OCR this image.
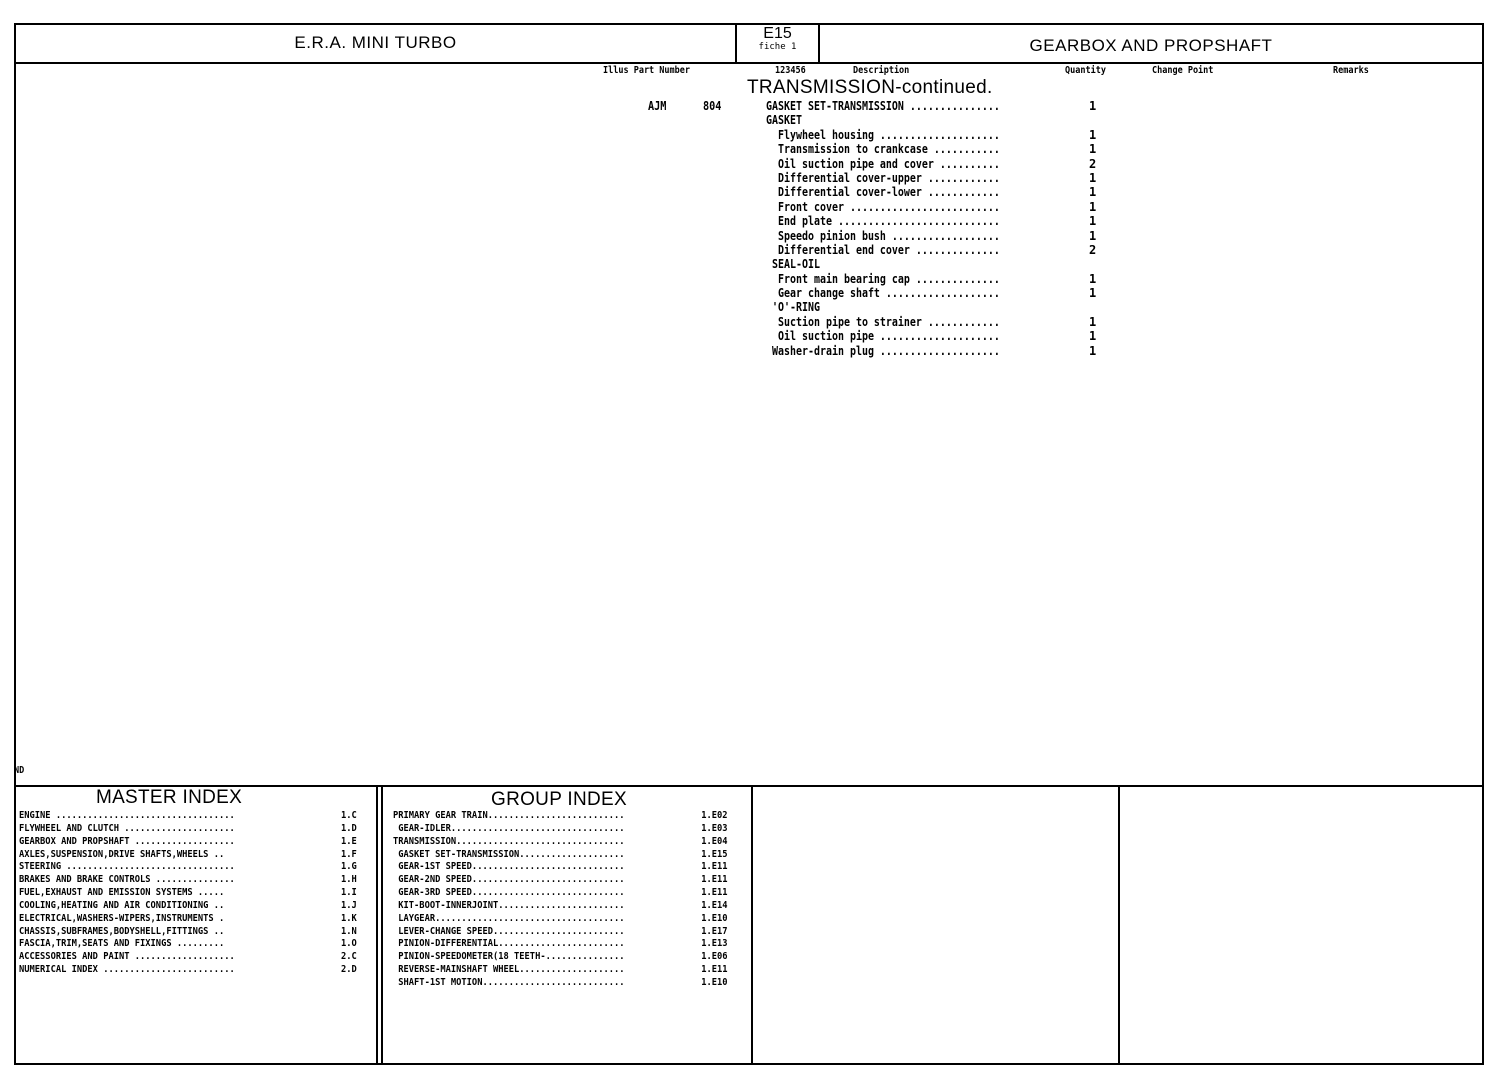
E.R.A. MINI TURBO	E15
fiche 1	GEARBOX AND PROPSHAFT
Illus Part Number	123456	Description	Quantity	Change Point	Remarks
TRANSMISSION-continued.
AJM	804	GASKET SET-TRANSMISSION ...............	1
GASKET
Flywheel housing ....................	1
Transmission to crankcase ...........	1
Oil suction pipe and cover ..........	2
Differential cover-upper ............	1
Differential cover-lower ............	1
Front cover .........................	1
End plate ...........................	1
Speedo pinion bush ..................	1
Differential end cover ..............	2
SEAL-OIL
Front main bearing cap ..............	1
Gear change shaft ...................	1
'O'-RING
Suction pipe to strainer ............	1
Oil suction pipe ....................	1
Washer-drain plug ....................	1
ND
MASTER INDEX
ENGINE ..................................	1.C
FLYWHEEL AND CLUTCH .....................	1.D
GEARBOX AND PROPSHAFT ...................	1.E
AXLES,SUSPENSION,DRIVE SHAFTS,WHEELS ..	1.F
STEERING ................................	1.G
BRAKES AND BRAKE CONTROLS ...............	1.H
FUEL,EXHAUST AND EMISSION SYSTEMS .....	1.I
COOLING,HEATING AND AIR CONDITIONING ..	1.J
ELECTRICAL,WASHERS-WIPERS,INSTRUMENTS .	1.K
CHASSIS,SUBFRAMES,BODYSHELL,FITTINGS ..	1.N
FASCIA,TRIM,SEATS AND FIXINGS .........	1.O
ACCESSORIES AND PAINT ...................	2.C
NUMERICAL INDEX .........................	2.D
GROUP INDEX
PRIMARY GEAR TRAIN..........................	1.E02
GEAR-IDLER.................................	1.E03
TRANSMISSION................................	1.E04
GASKET SET-TRANSMISSION....................	1.E15
GEAR-1ST SPEED.............................	1.E11
GEAR-2ND SPEED.............................	1.E11
GEAR-3RD SPEED.............................	1.E11
KIT-BOOT-INNERJOINT........................	1.E14
LAYGEAR....................................	1.E10
LEVER-CHANGE SPEED.........................	1.E17
PINION-DIFFERENTIAL........................	1.E13
PINION-SPEEDOMETER(18 TEETH-...............	1.E06
REVERSE-MAINSHAFT WHEEL....................	1.E11
SHAFT-1ST MOTION...........................	1.E10
